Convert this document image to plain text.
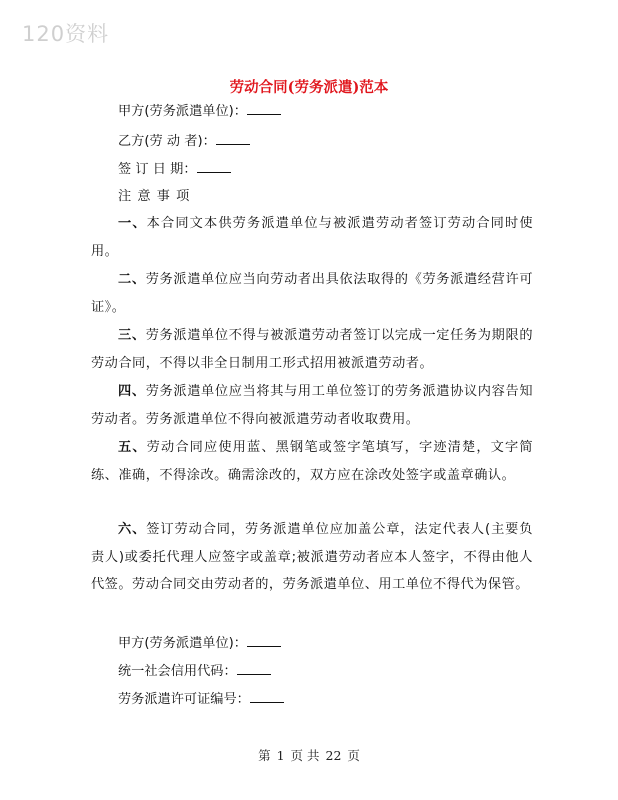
120资料
劳动合同(劳务派遣)范本
甲方(劳务派遣单位)：
乙方(劳 动 者)：
签 订 日 期：
注 意 事 项
一、本合同文本供劳务派遣单位与被派遣劳动者签订劳动合同时使用。
二、劳务派遣单位应当向劳动者出具依法取得的《劳务派遣经营许可证》。
三、劳务派遣单位不得与被派遣劳动者签订以完成一定任务为期限的劳动合同，不得以非全日制用工形式招用被派遣劳动者。
四、劳务派遣单位应当将其与用工单位签订的劳务派遣协议内容告知劳动者。劳务派遣单位不得向被派遣劳动者收取费用。
五、劳动合同应使用蓝、黑钢笔或签字笔填写，字迹清楚，文字简练、准确，不得涂改。确需涂改的，双方应在涂改处签字或盖章确认。
六、签订劳动合同，劳务派遣单位应加盖公章，法定代表人(主要负责人)或委托代理人应签字或盖章;被派遣劳动者应本人签字，不得由他人代签。劳动合同交由劳动者的，劳务派遣单位、用工单位不得代为保管。
甲方(劳务派遣单位)：
统一社会信用代码：
劳务派遣许可证编号：
第 1 页 共 22 页
